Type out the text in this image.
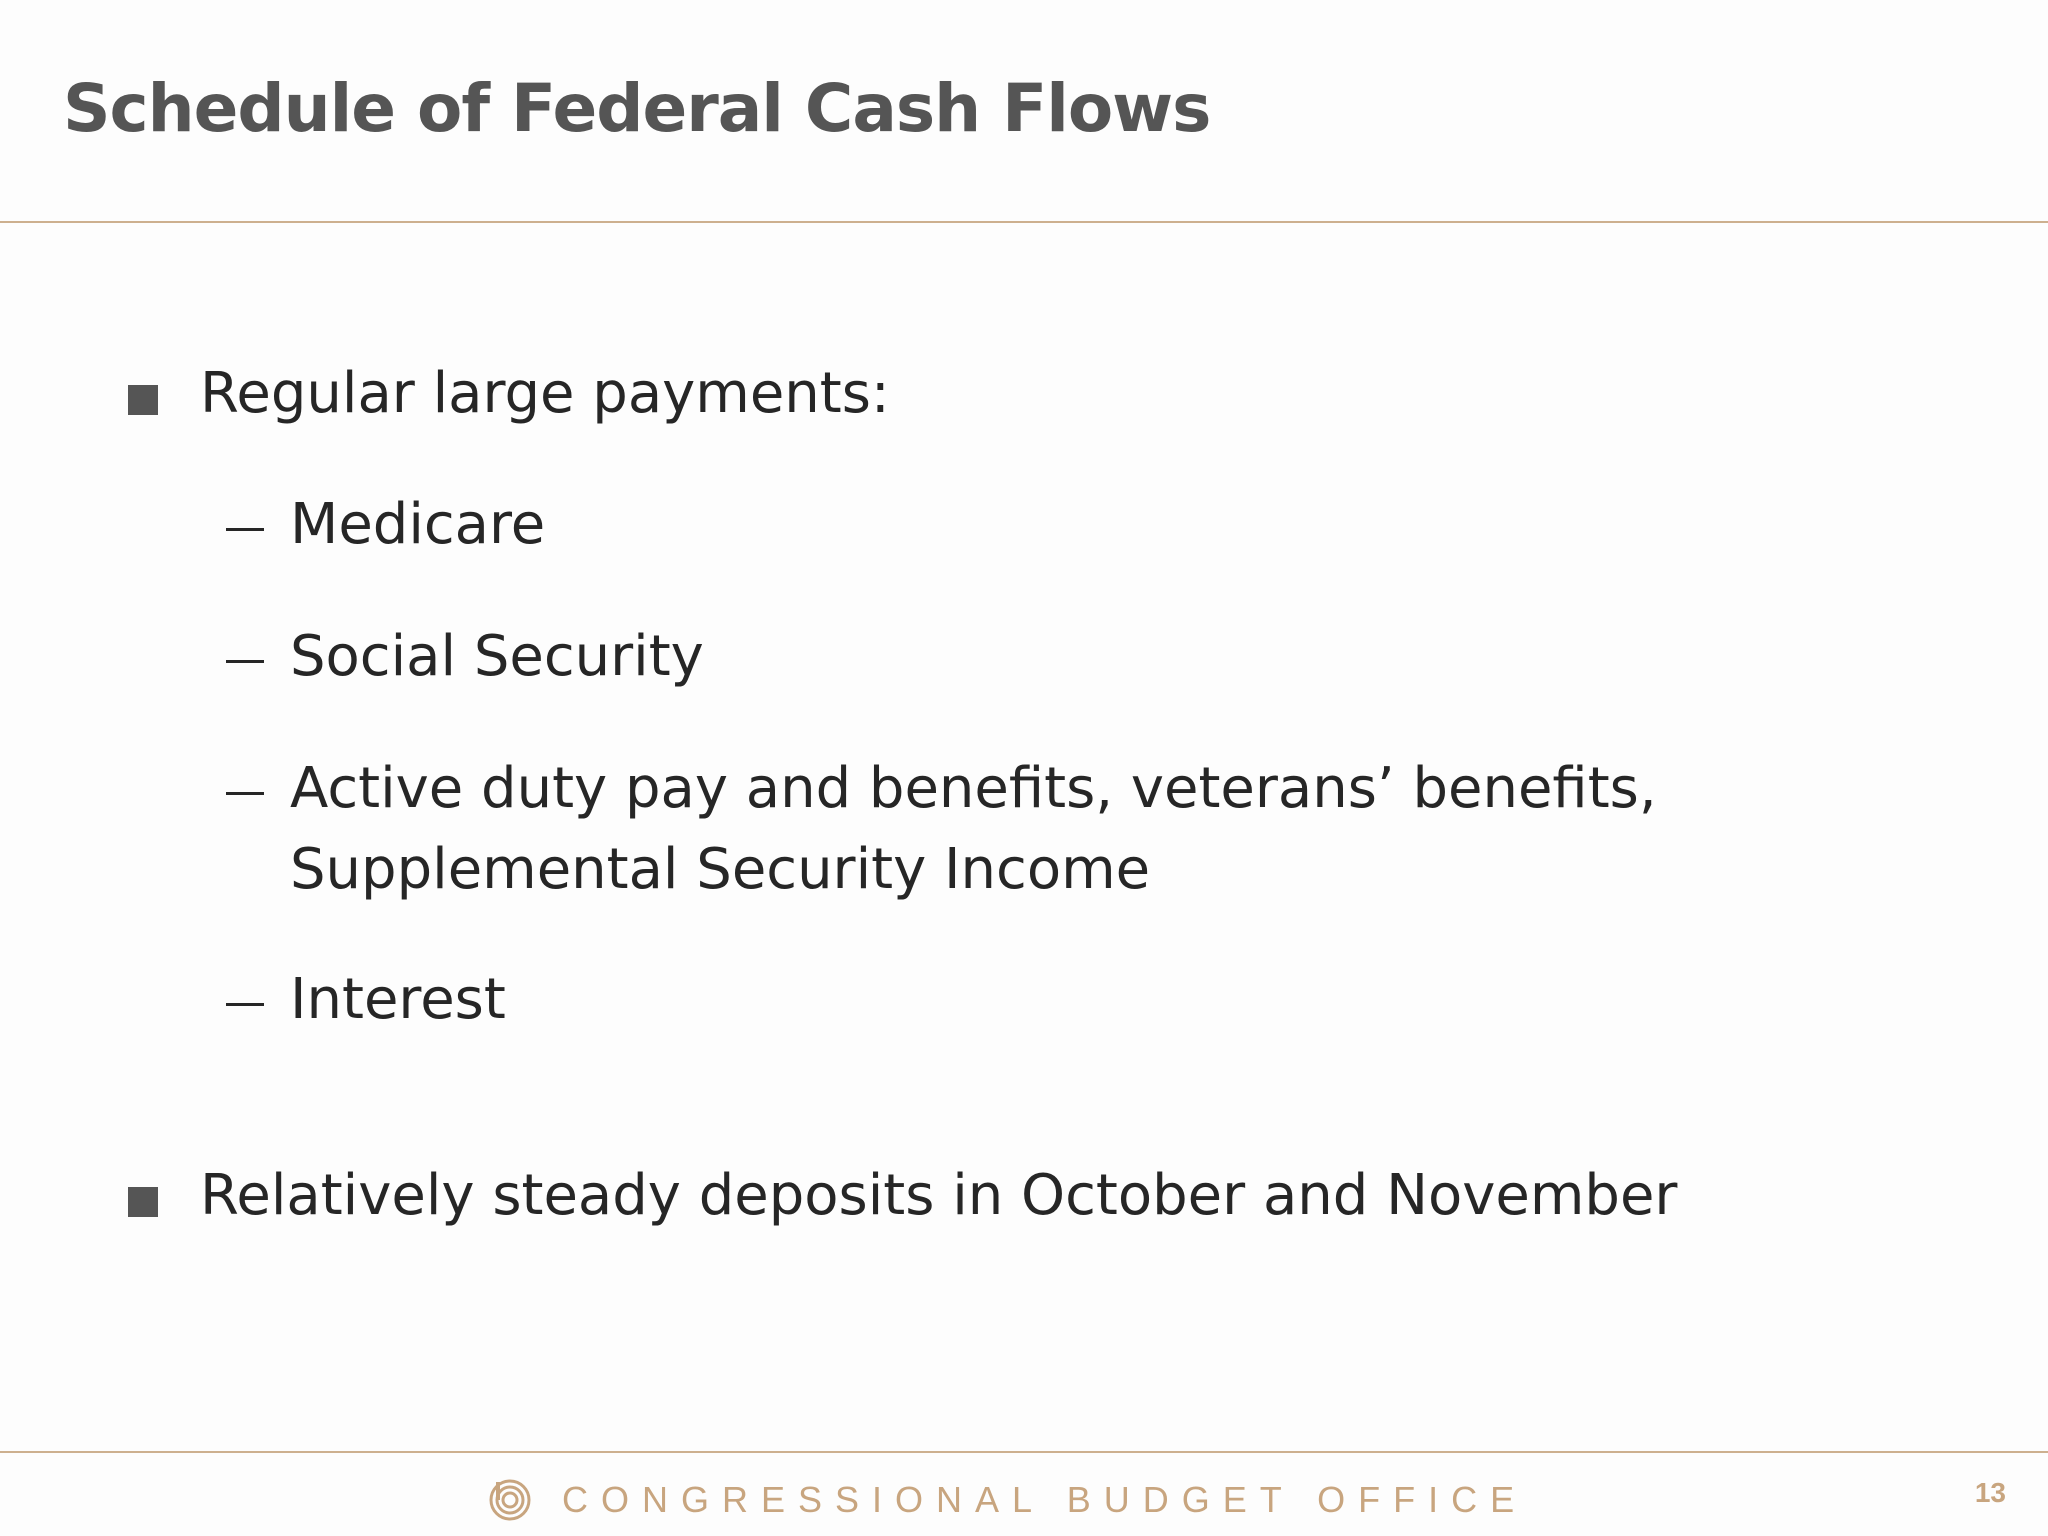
Schedule of Federal Cash Flows
Regular large payments:
Medicare
Social Security
Active duty pay and benefits, veterans’ benefits,
Supplemental Security Income
Interest
Relatively steady deposits in October and November
CONGRESSIONAL BUDGET OFFICE	13
